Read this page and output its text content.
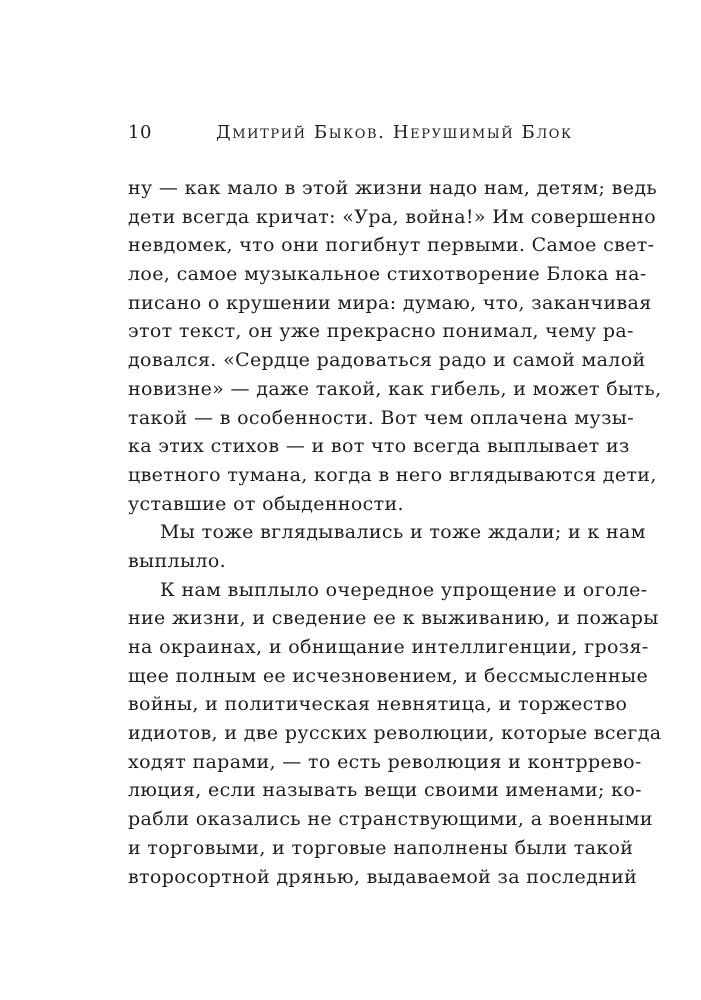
10	Дмитрий Быков. Нерушимый Блок

ну — как мало в этой жизни надо нам, детям; ведь
дети всегда кричат: «Ура, война!» Им совершенно
невдомек, что они погибнут первыми. Самое свет-
лое, самое музыкальное стихотворение Блока на-
писано о крушении мира: думаю, что, заканчивая
этот текст, он уже прекрасно понимал, чему ра-
довался. «Сердце радоваться радо и самой малой
новизне» — даже такой, как гибель, и может быть,
такой — в особенности. Вот чем оплачена музы-
ка этих стихов — и вот что всегда выплывает из
цветного тумана, когда в него вглядываются дети,
уставшие от обыденности.

Мы тоже вглядывались и тоже ждали; и к нам
выплыло.

К нам выплыло очередное упрощение и оголе-
ние жизни, и сведение ее к выживанию, и пожары
на окраинах, и обнищание интеллигенции, грозя-
щее полным ее исчезновением, и бессмысленные
войны, и политическая невнятица, и торжество
идиотов, и две русских революции, которые всегда
ходят парами, — то есть революция и контррево-
люция, если называть вещи своими именами; ко-
рабли оказались не странствующими, а военными
и торговыми, и торговые наполнены были такой
второсортной дрянью, выдаваемой за последний
